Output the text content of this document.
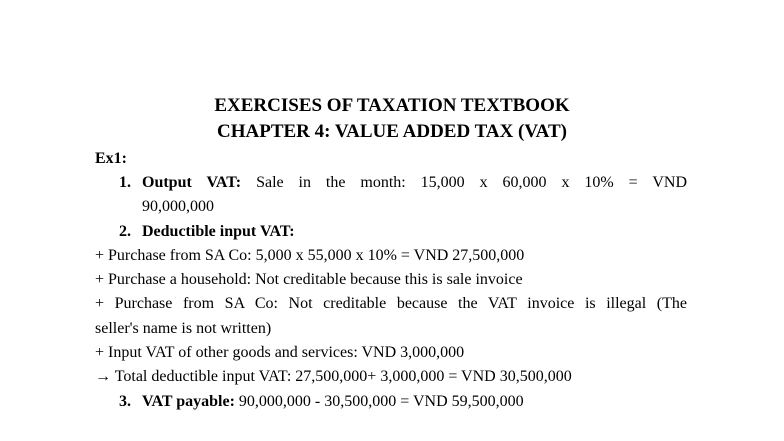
EXERCISES OF TAXATION TEXTBOOK
CHAPTER 4: VALUE ADDED TAX (VAT)
Ex1:
1. Output VAT: Sale in the month: 15,000 x 60,000 x 10% = VND
90,000,000
2. Deductible input VAT:
+ Purchase from SA Co: 5,000 x 55,000 x 10% = VND 27,500,000
+ Purchase a household: Not creditable because this is sale invoice
+ Purchase from SA Co: Not creditable because the VAT invoice is illegal (The
seller's name is not written)
+ Input VAT of other goods and services: VND 3,000,000
→ Total deductible input VAT: 27,500,000+ 3,000,000 = VND 30,500,000
3. VAT payable: 90,000,000 - 30,500,000 = VND 59,500,000
